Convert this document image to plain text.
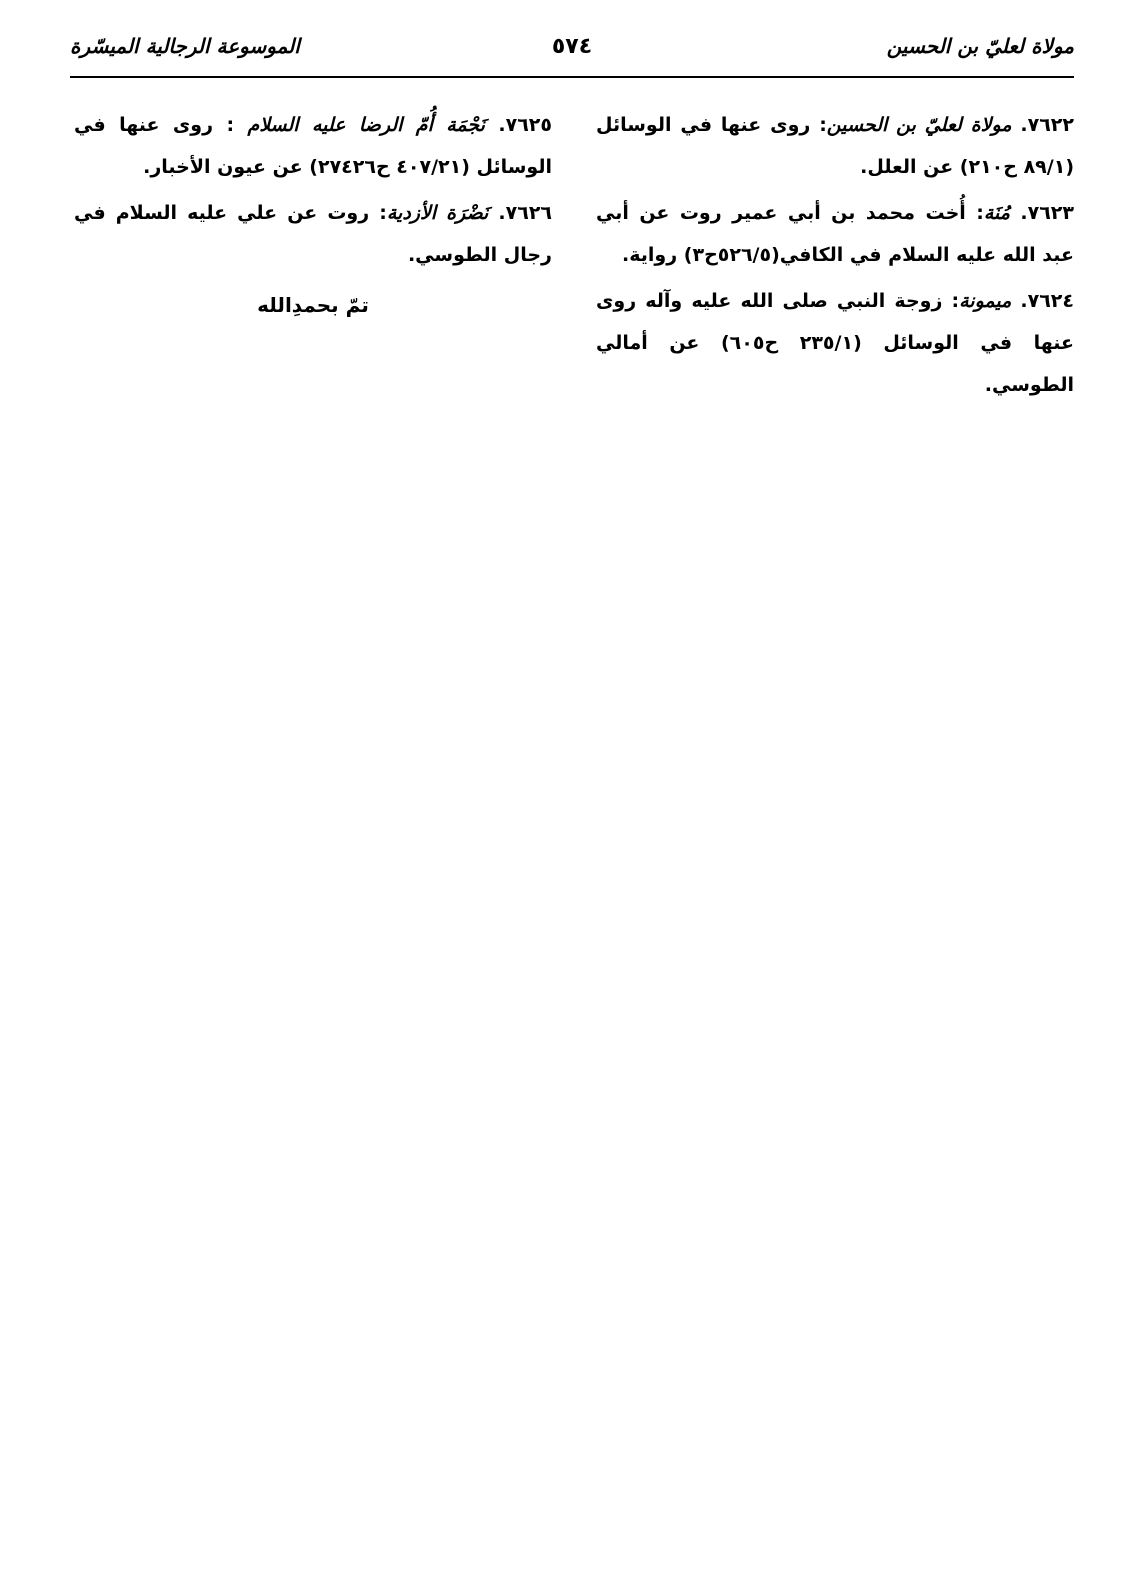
مولاة لعليّ بن الحسين
٥٧٤
الموسوعة الرجالية الميسّرة

٧٦٢٢. مولاة لعليّ بن الحسين: روى عنها في الوسائل (٨٩/١ ح٢١٠) عن العلل.

٧٦٢٣. مُنَة: أُخت محمد بن أبي عمير روت عن أبي عبد الله عليه السلام في الكافي(٥٢٦/٥ح٣) رواية.

٧٦٢٤. ميمونة: زوجة النبي صلى الله عليه وآله روى عنها في الوسائل (٢٣٥/١ ح٦٠٥) عن أمالي الطوسي.

٧٦٢٥. نَجْمَة أُمّ الرضا عليه السلام : روى عنها في الوسائل (٤٠٧/٢١ ح٢٧٤٢٦) عن عيون الأخبار.

٧٦٢٦. نَضْرَة الأزدية: روت عن علي عليه السلام في رجال الطوسي.

تمّ بحمدِالله
